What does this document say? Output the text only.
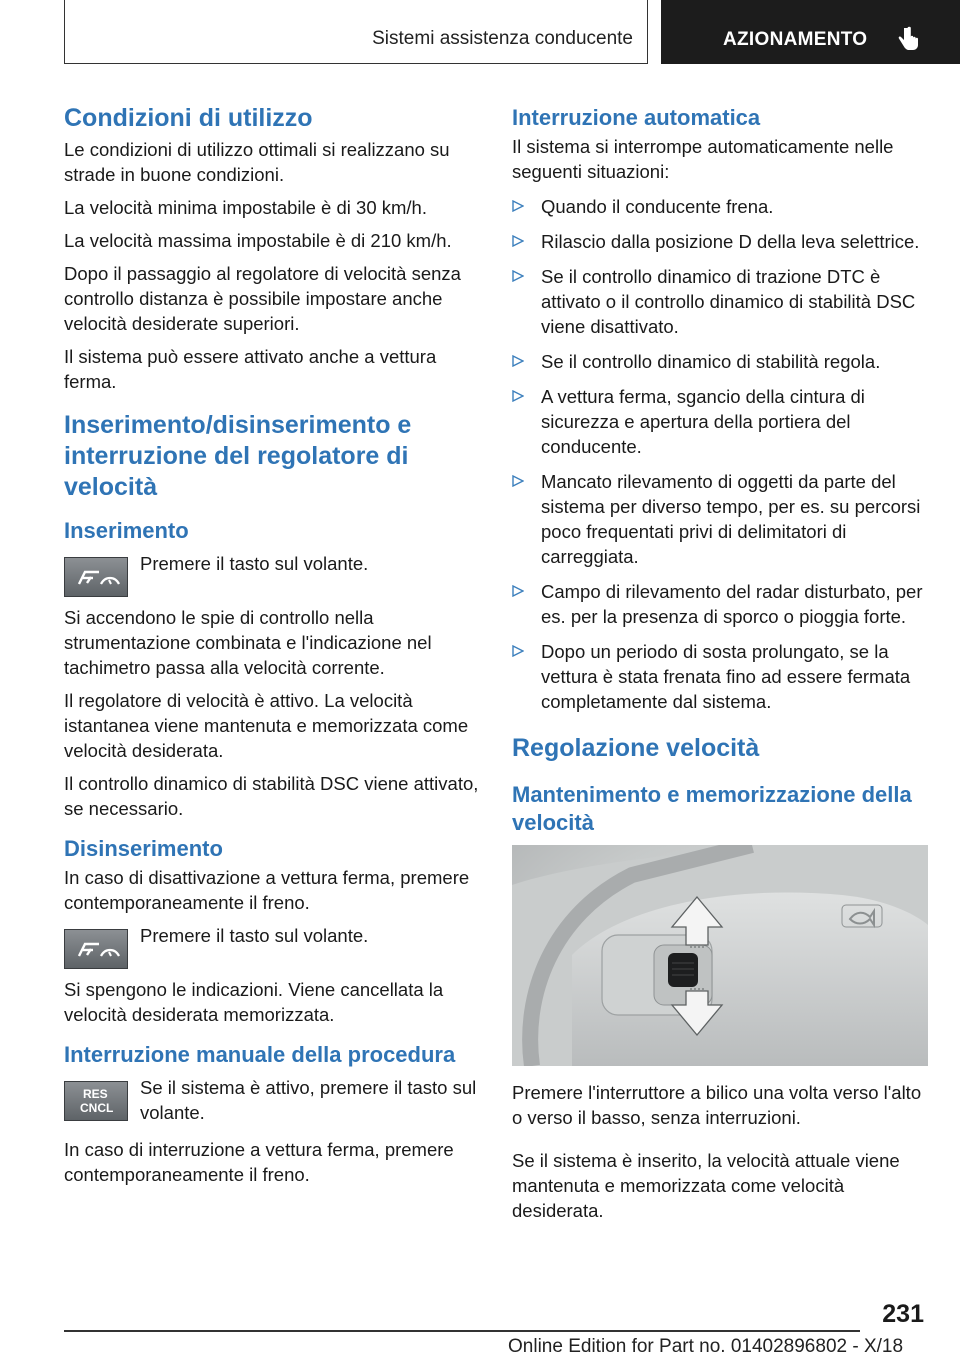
Sistemi assistenza conducente	AZIONAMENTO
Condizioni di utilizzo

Le condizioni di utilizzo ottimali si realizzano su strade in buone condizioni.

La velocità minima impostabile è di 30 km/h.

La velocità massima impostabile è di 210 km/h.

Dopo il passaggio al regolatore di velocità senza controllo distanza è possibile impostare anche velocità desiderate superiori.

Il sistema può essere attivato anche a vettura ferma.

Inserimento/disinserimento e interruzione del regolatore di velocità
Inserimento
Premere il tasto sul volante.

Si accendono le spie di controllo nella strumentazione combinata e l'indicazione nel tachimetro passa alla velocità corrente.

Il regolatore di velocità è attivo. La velocità istantanea viene mantenuta e memorizzata come velocità desiderata.

Il controllo dinamico di stabilità DSC viene attivato, se necessario.

Disinserimento

In caso di disattivazione a vettura ferma, premere contemporaneamente il freno.

Premere il tasto sul volante.

Si spengono le indicazioni. Viene cancellata la velocità desiderata memorizzata.

Interruzione manuale della procedura
RES
CNCL
Se il sistema è attivo, premere il tasto sul volante.

In caso di interruzione a vettura ferma, premere contemporaneamente il freno.

Interruzione automatica

Il sistema si interrompe automaticamente nelle seguenti situazioni:

Quando il conducente frena.
Rilascio dalla posizione D della leva selettrice.
Se il controllo dinamico di trazione DTC è attivato o il controllo dinamico di stabilità DSC viene disattivato.
Se il controllo dinamico di stabilità regola.
A vettura ferma, sgancio della cintura di sicurezza e apertura della portiera del conducente.
Mancato rilevamento di oggetti da parte del sistema per diverso tempo, per es. su percorsi poco frequentati privi di delimitatori di carreggiata.
Campo di rilevamento del radar disturbato, per es. per la presenza di sporco o pioggia forte.
Dopo un periodo di sosta prolungato, se la vettura è stata frenata fino ad essere fermata completamente dal sistema.
Regolazione velocità
Mantenimento e memorizzazione della velocità

Premere l'interruttore a bilico una volta verso l'alto o verso il basso, senza interruzioni.

Se il sistema è inserito, la velocità attuale viene mantenuta e memorizzata come velocità desiderata.

231
Online Edition for Part no. 01402896802 - X/18
